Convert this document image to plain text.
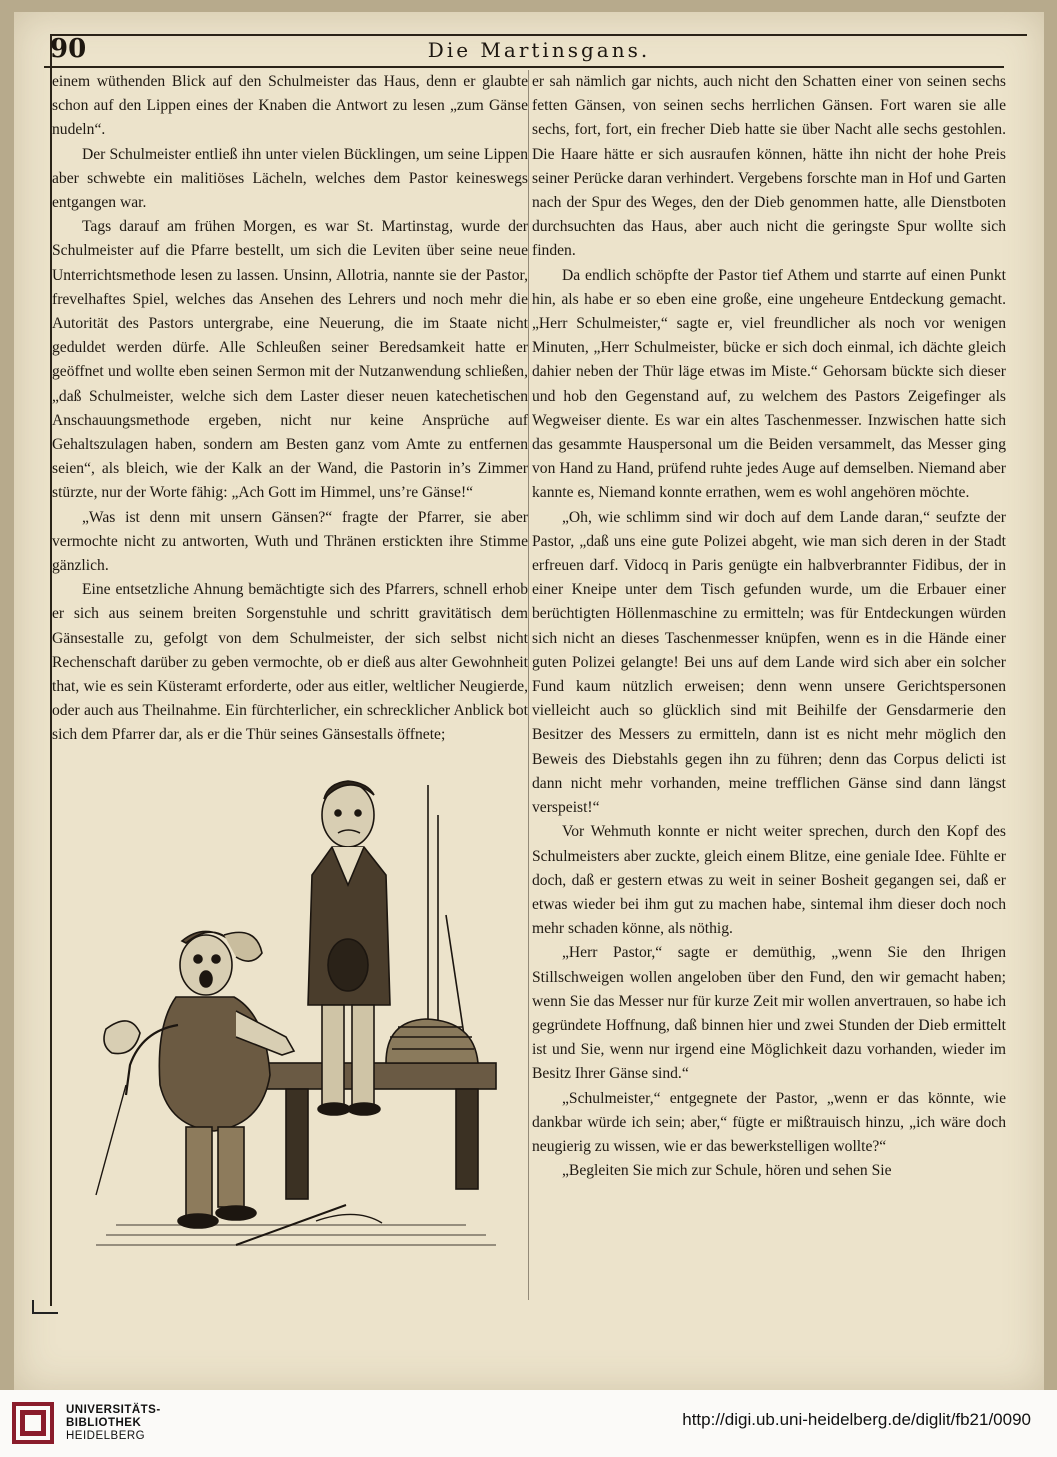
90	Die Martinsgans.

einem wüthenden Blick auf den Schulmeister das Haus, denn er glaubte schon auf den Lippen eines der Knaben die Antwort zu lesen „zum Gänse nudeln“.

Der Schulmeister entließ ihn unter vielen Bücklingen, um seine Lippen aber schwebte ein malitiöses Lächeln, welches dem Pastor keineswegs entgangen war.

Tags darauf am frühen Morgen, es war St. Martinstag, wurde der Schulmeister auf die Pfarre bestellt, um sich die Leviten über seine neue Unterrichtsmethode lesen zu lassen. Unsinn, Allotria, nannte sie der Pastor, frevelhaftes Spiel, welches das Ansehen des Lehrers und noch mehr die Autorität des Pastors untergrabe, eine Neuerung, die im Staate nicht geduldet werden dürfe. Alle Schleußen seiner Beredsamkeit hatte er geöffnet und wollte eben seinen Sermon mit der Nutzanwendung schließen, „daß Schulmeister, welche sich dem Laster dieser neuen katechetischen Anschauungsmethode ergeben, nicht nur keine Ansprüche auf Gehaltszulagen haben, sondern am Besten ganz vom Amte zu entfernen seien“, als bleich, wie der Kalk an der Wand, die Pastorin in’s Zimmer stürzte, nur der Worte fähig: „Ach Gott im Himmel, uns’re Gänse!“

„Was ist denn mit unsern Gänsen?“ fragte der Pfarrer, sie aber vermochte nicht zu antworten, Wuth und Thränen erstickten ihre Stimme gänzlich.

Eine entsetzliche Ahnung bemächtigte sich des Pfarrers, schnell erhob er sich aus seinem breiten Sorgenstuhle und schritt gravitätisch dem Gänsestalle zu, gefolgt von dem Schulmeister, der sich selbst nicht Rechenschaft darüber zu geben vermochte, ob er dieß aus alter Gewohnheit that, wie es sein Küsteramt erforderte, oder aus eitler, weltlicher Neugierde, oder auch aus Theilnahme. Ein fürchterlicher, ein schrecklicher Anblick bot sich dem Pfarrer dar, als er die Thür seines Gänsestalls öffnete;

er sah nämlich gar nichts, auch nicht den Schatten einer von seinen sechs fetten Gänsen, von seinen sechs herrlichen Gänsen. Fort waren sie alle sechs, fort, fort, ein frecher Dieb hatte sie über Nacht alle sechs gestohlen. Die Haare hätte er sich ausraufen können, hätte ihn nicht der hohe Preis seiner Perücke daran verhindert. Vergebens forschte man in Hof und Garten nach der Spur des Weges, den der Dieb genommen hatte, alle Dienstboten durchsuchten das Haus, aber auch nicht die geringste Spur wollte sich finden.

Da endlich schöpfte der Pastor tief Athem und starrte auf einen Punkt hin, als habe er so eben eine große, eine ungeheure Entdeckung gemacht. „Herr Schulmeister,“ sagte er, viel freundlicher als noch vor wenigen Minuten, „Herr Schulmeister, bücke er sich doch einmal, ich dächte gleich dahier neben der Thür läge etwas im Miste.“ Gehorsam bückte sich dieser und hob den Gegenstand auf, zu welchem des Pastors Zeigefinger als Wegweiser diente. Es war ein altes Taschenmesser. Inzwischen hatte sich das gesammte Hauspersonal um die Beiden versammelt, das Messer ging von Hand zu Hand, prüfend ruhte jedes Auge auf demselben. Niemand aber kannte es, Niemand konnte errathen, wem es wohl angehören möchte.

„Oh, wie schlimm sind wir doch auf dem Lande daran,“ seufzte der Pastor, „daß uns eine gute Polizei abgeht, wie man sich deren in der Stadt erfreuen darf. Vidocq in Paris genügte ein halbverbrannter Fidibus, der in einer Kneipe unter dem Tisch gefunden wurde, um die Erbauer einer berüchtigten Höllenmaschine zu ermitteln; was für Entdeckungen würden sich nicht an dieses Taschenmesser knüpfen, wenn es in die Hände einer guten Polizei gelangte! Bei uns auf dem Lande wird sich aber ein solcher Fund kaum nützlich erweisen; denn wenn unsere Gerichtspersonen vielleicht auch so glücklich sind mit Beihilfe der Gensdarmerie den Besitzer des Messers zu ermitteln, dann ist es nicht mehr möglich den Beweis des Diebstahls gegen ihn zu führen; denn das Corpus delicti ist dann nicht mehr vorhanden, meine trefflichen Gänse sind dann längst verspeist!“

Vor Wehmuth konnte er nicht weiter sprechen, durch den Kopf des Schulmeisters aber zuckte, gleich einem Blitze, eine geniale Idee. Fühlte er doch, daß er gestern etwas zu weit in seiner Bosheit gegangen sei, daß er etwas wieder bei ihm gut zu machen habe, sintemal ihm dieser doch noch mehr schaden könne, als nöthig.

„Herr Pastor,“ sagte er demüthig, „wenn Sie den Ihrigen Stillschweigen wollen angeloben über den Fund, den wir gemacht haben; wenn Sie das Messer nur für kurze Zeit mir wollen anvertrauen, so habe ich gegründete Hoffnung, daß binnen hier und zwei Stunden der Dieb ermittelt ist und Sie, wenn nur irgend eine Möglichkeit dazu vorhanden, wieder im Besitz Ihrer Gänse sind.“

„Schulmeister,“ entgegnete der Pastor, „wenn er das könnte, wie dankbar würde ich sein; aber,“ fügte er mißtrauisch hinzu, „ich wäre doch neugierig zu wissen, wie er das bewerkstelligen wollte?“

„Begleiten Sie mich zur Schule, hören und sehen Sie

UNIVERSITÄTS-
BIBLIOTHEK
HEIDELBERG
http://digi.ub.uni-heidelberg.de/diglit/fb21/0090
